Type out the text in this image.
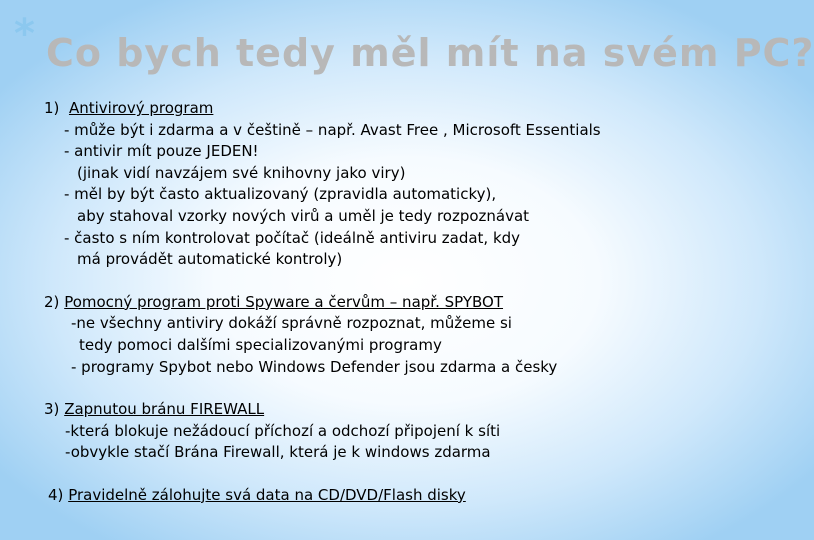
* Co bych tedy měl mít na svém PC?

1) Antivirový program

- může být i zdarma a v češtině – např. Avast Free , Microsoft Essentials

- antivir mít pouze JEDEN!

(jinak vidí navzájem své knihovny jako viry)

- měl by být často aktualizovaný (zpravidla automaticky),

aby stahoval vzorky nových virů a uměl je tedy rozpoznávat

- často s ním kontrolovat počítač (ideálně antiviru zadat, kdy

má provádět automatické kontroly)

2) Pomocný program proti Spyware a červům – např. SPYBOT

-ne všechny antiviry dokáží správně rozpoznat, můžeme si

tedy pomoci dalšími specializovanými programy

- programy Spybot nebo Windows Defender jsou zdarma a česky

3) Zapnutou bránu FIREWALL

-která blokuje nežádoucí příchozí a odchozí připojení k síti

-obvykle stačí Brána Firewall, která je k windows zdarma

4) Pravidelně zálohujte svá data na CD/DVD/Flash disky
